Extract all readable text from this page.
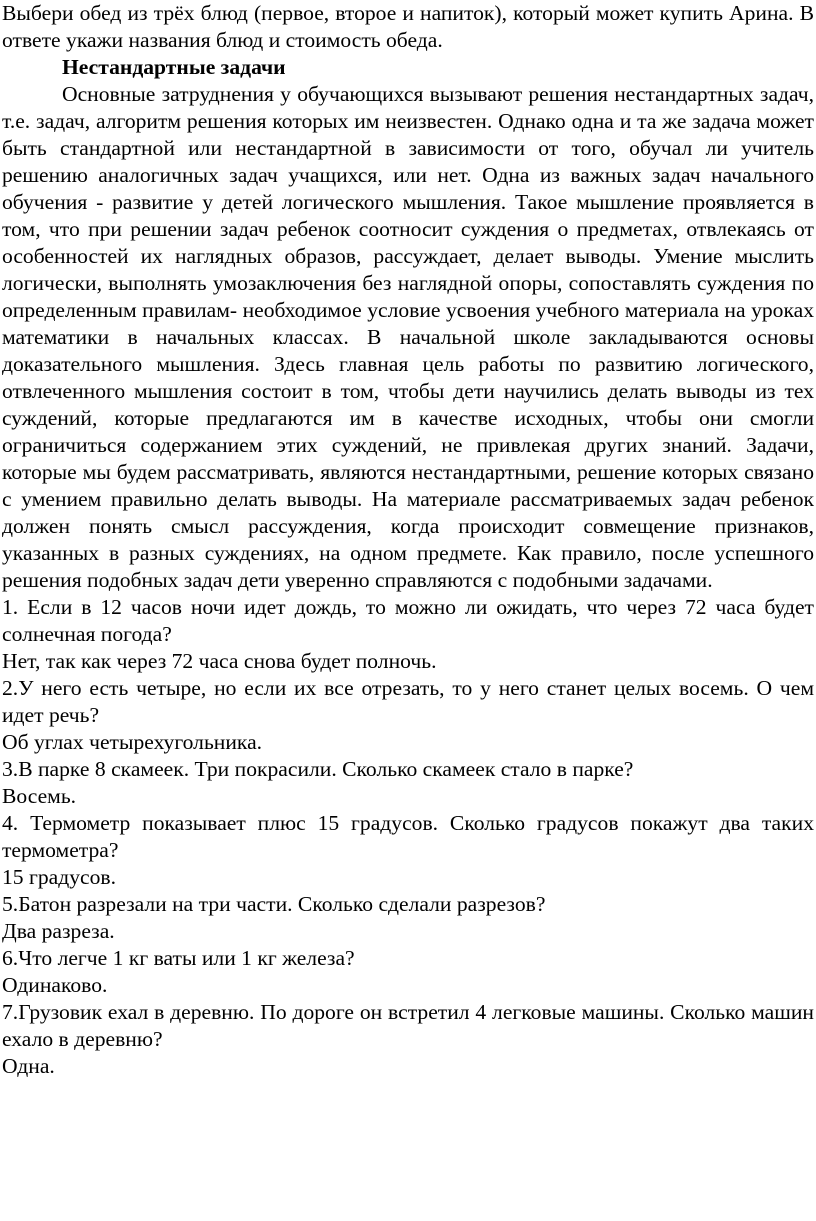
Выбери обед из трёх блюд (первое, второе и напиток), который может купить Арина. В ответе укажи названия блюд и стоимость обеда.

Нестандартные задачи

Основные затруднения у обучающихся вызывают решения нестандартных задач, т.е. задач, алгоритм решения которых им неизвестен. Однако одна и та же задача может быть стандартной или нестандартной в зависимости от того, обучал ли учитель решению аналогичных задач учащихся, или нет. Одна из важных задач начального обучения - развитие у детей логического мышления. Такое мышление проявляется в том, что при решении задач ребенок соотносит суждения о предметах, отвлекаясь от особенностей их наглядных образов, рассуждает, делает выводы. Умение мыслить логически, выполнять умозаключения без наглядной опоры, сопоставлять суждения по определенным правилам- необходимое условие усвоения учебного материала на уроках математики в начальных классах. В начальной школе закладываются основы доказательного мышления. Здесь главная цель работы по развитию логического, отвлеченного мышления состоит в том, чтобы дети научились делать выводы из тех суждений, которые предлагаются им в качестве исходных, чтобы они смогли ограничиться содержанием этих суждений, не привлекая других знаний. Задачи, которые мы будем рассматривать, являются нестандартными, решение которых связано с умением правильно делать выводы. На материале рассматриваемых задач ребенок должен понять смысл рассуждения, когда происходит совмещение признаков, указанных в разных суждениях, на одном предмете. Как правило, после успешного решения подобных задач дети уверенно справляются с подобными задачами.

1. Если в 12 часов ночи идет дождь, то можно ли ожидать, что через 72 часа будет солнечная погода?

Нет, так как через 72 часа снова будет полночь.

2.У него есть четыре, но если их все отрезать, то у него станет целых восемь. О чем идет речь?

Об углах четырехугольника.

3.В парке 8 скамеек. Три покрасили. Сколько скамеек стало в парке?

Восемь.

4. Термометр показывает плюс 15 градусов. Сколько градусов покажут два таких термометра?

15 градусов.

5.Батон разрезали на три части. Сколько сделали разрезов?

Два разреза.

6.Что легче 1 кг ваты или 1 кг железа?

Одинаково.

7.Грузовик ехал в деревню. По дороге он встретил 4 легковые машины. Сколько машин ехало в деревню?

Одна.
